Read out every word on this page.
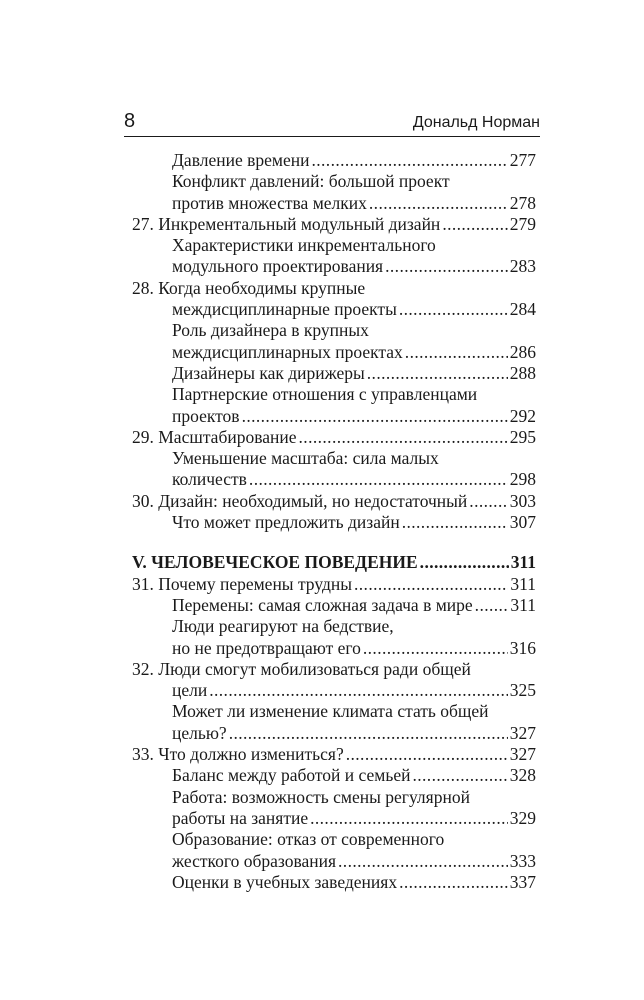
8	Дональд Норман
Давление времени .....	277
Конфликт давлений: большой проект
против множества мелких .....	278
27. Инкрементальный модульный дизайн .....	279
Характеристики инкрементального
модульного проектирования .....	283
28. Когда необходимы крупные
междисциплинарные проекты .....	284
Роль дизайнера в крупных
междисциплинарных проектах .....	286
Дизайнеры как дирижеры .....	288
Партнерские отношения с управленцами
проектов .....	292
29. Масштабирование .....	295
Уменьшение масштаба: сила малых
количеств .....	298
30. Дизайн: необходимый, но недостаточный ..... 303
Что может предложить дизайн .....	307
V. ЧЕЛОВЕЧЕСКОЕ ПОВЕДЕНИЕ .....	311
31. Почему перемены трудны .....	311
Перемены: самая сложная задача в мире ..... 311
Люди реагируют на бедствие,
но не предотвращают его .....	316
32. Люди смогут мобилизоваться ради общей
цели .....	325
Может ли изменение климата стать общей
целью? .....	327
33. Что должно измениться? .....	327
Баланс между работой и семьей .....	328
Работа: возможность смены регулярной
работы на занятие .....	329
Образование: отказ от современного
жесткого образования .....	333
Оценки в учебных заведениях .....	337
